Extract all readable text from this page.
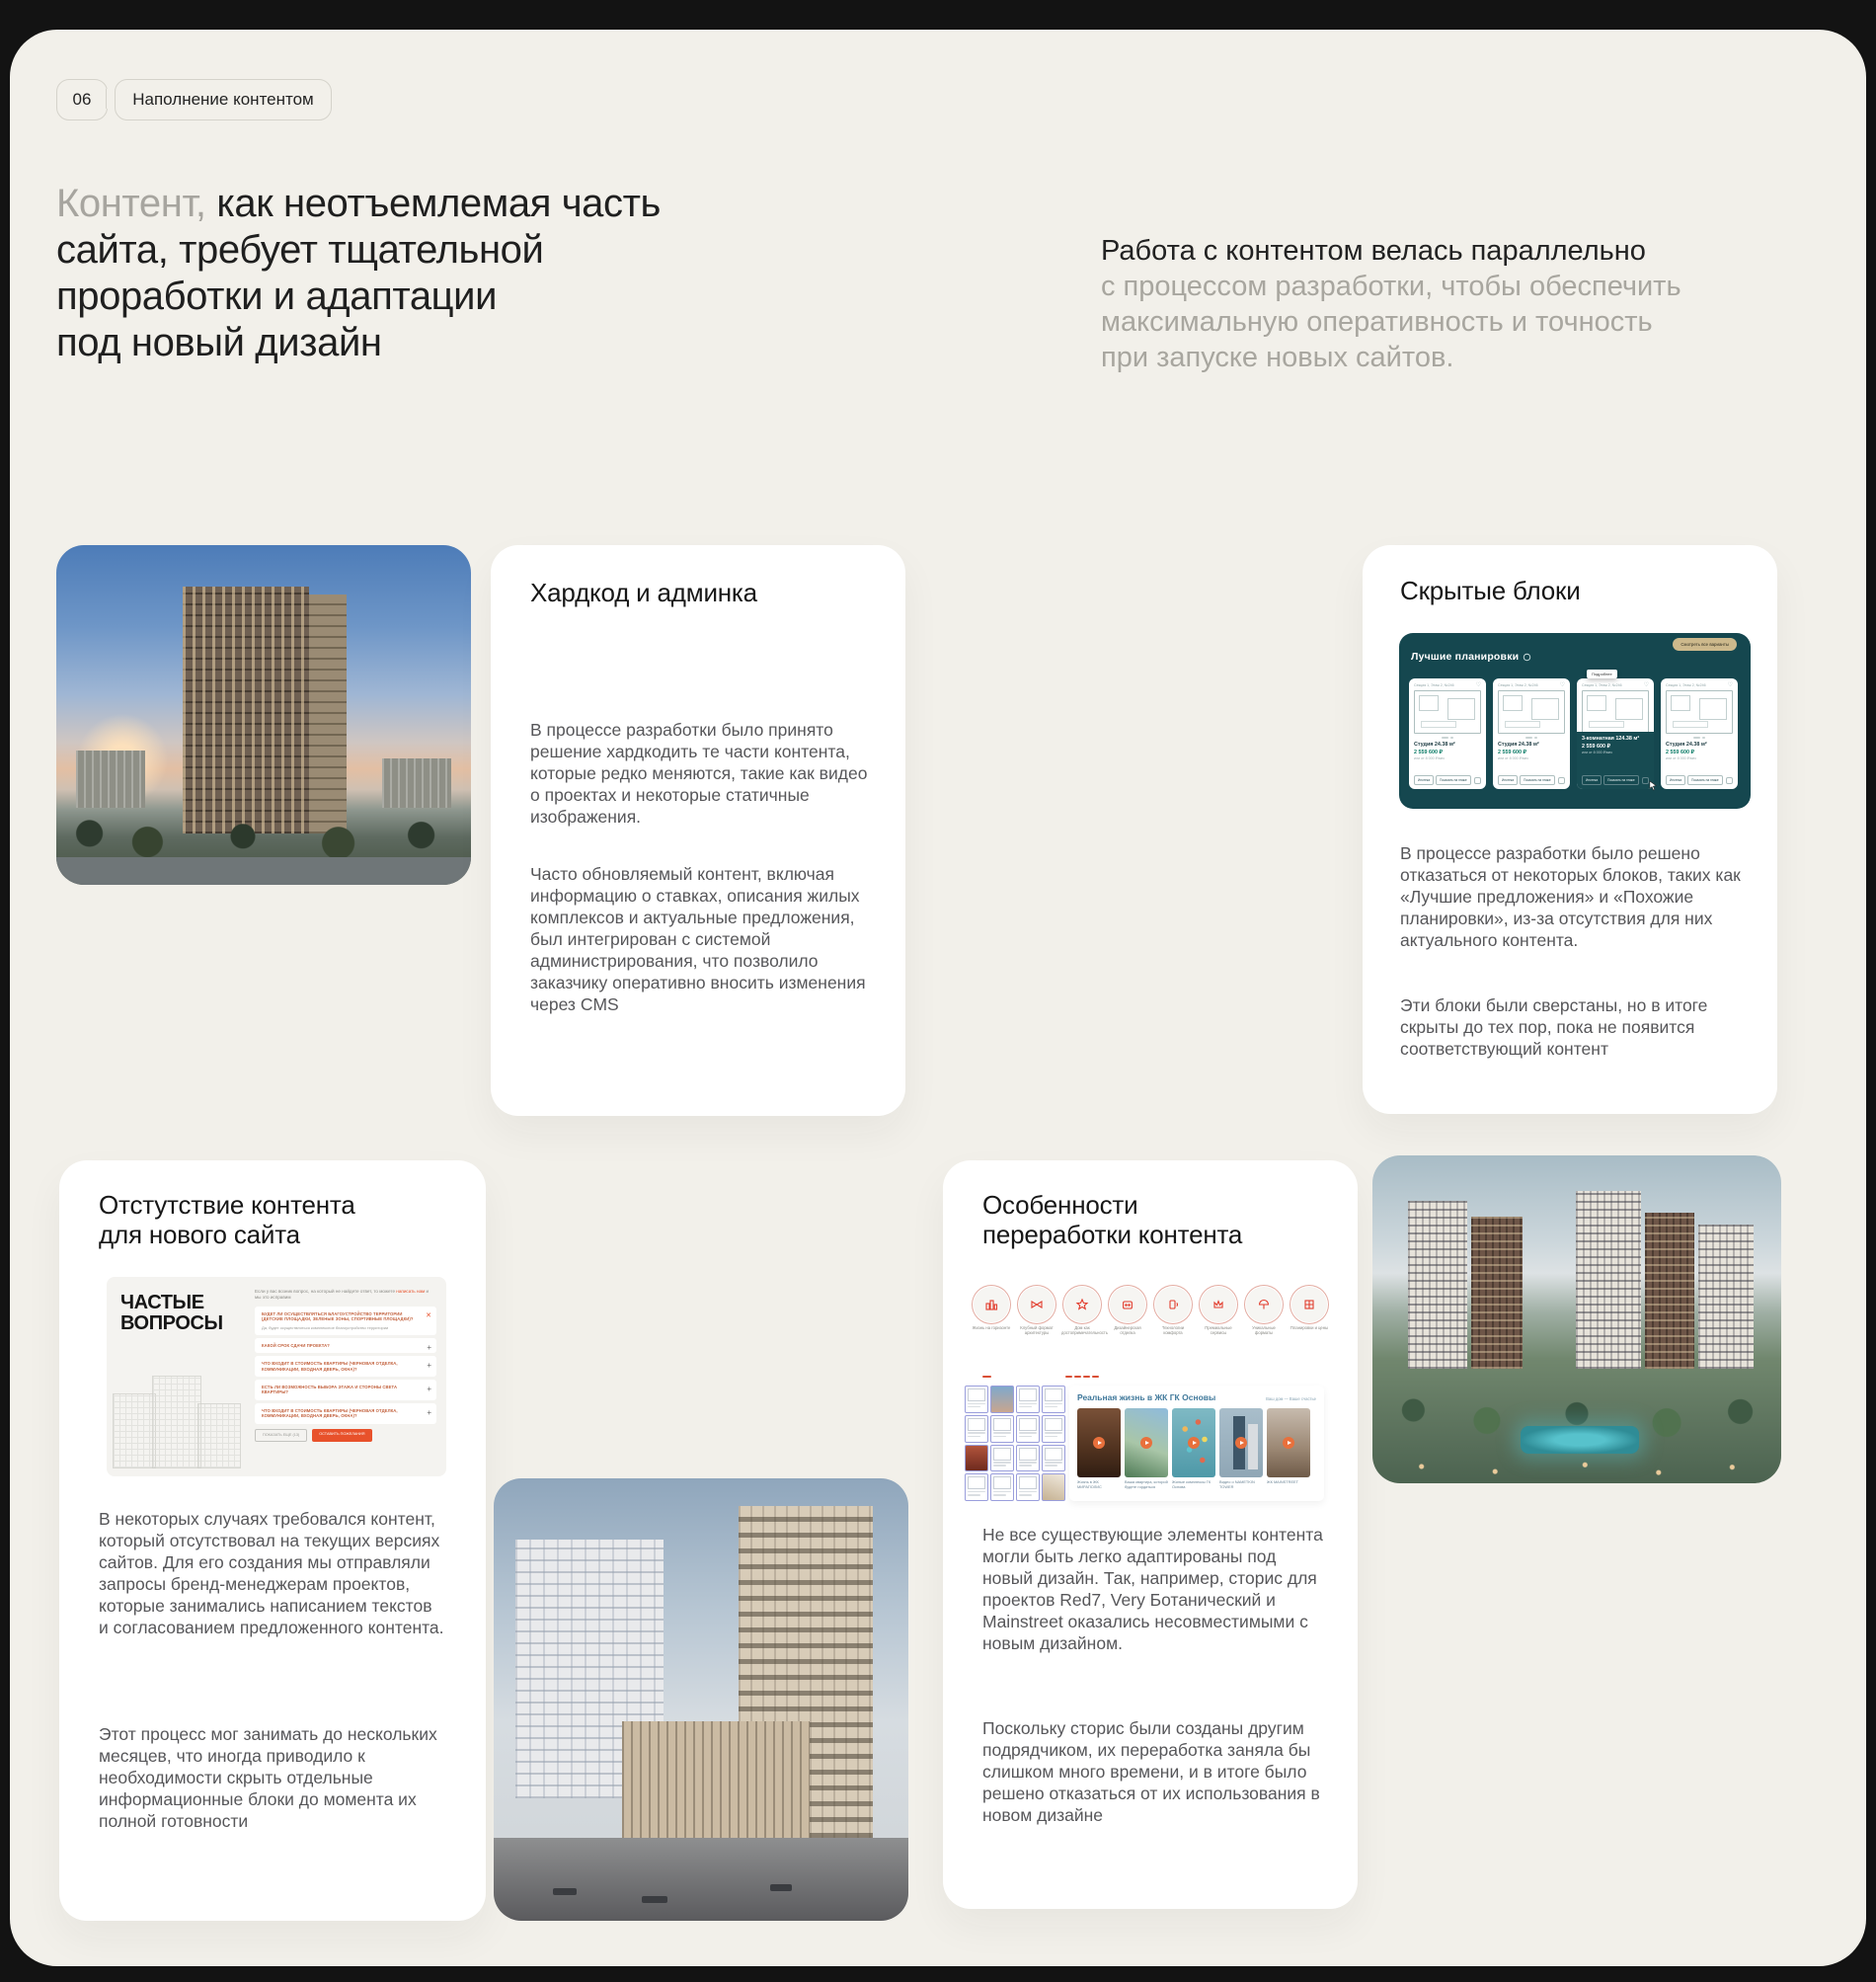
06 Наполнение контентом
Контент, как неотъемлемая часть
сайта, требует тщательной
проработки и адаптации
под новый дизайн
Работа с контентом велась параллельно
с процессом разработки, чтобы обеспечить
максимальную оперативность и точность
при запуске новых сайтов.
Хардкод и админка
В процессе разработки было принято решение хардкодить те части контента, которые редко меняются, такие как видео о проектах и некоторые статичные изображения.
Часто обновляемый контент, включая информацию о ставках, описания жилых комплексов и актуальные предложения, был интегрирован с системой администрирования, что позволило заказчику оперативно вносить изменения через CMS
Скрытые блоки
Лучшие планировки
Смотреть все варианты
Секция 1, Этаж 2, №246	♡
Студия 24.38 м²
2 559 600 ₽
или от 8 000 ₽/мес
Ипотека	Показать на этаже
Секция 1, Этаж 2, №246	♡
Студия 24.38 м²
2 559 600 ₽
или от 8 000 ₽/мес
Ипотека	Показать на этаже
Подробнее
Секция 1, Этаж 2, №246	♡
3-комнатная 124.38 м²
2 559 600 ₽
или от 8 000 ₽/мес
Ипотека	Показать на этаже
Секция 1, Этаж 2, №246	♡
Студия 24.38 м²
2 559 600 ₽
или от 8 000 ₽/мес
Ипотека	Показать на этаже
В процессе разработки было решено отказаться от некоторых блоков, таких как «Лучшие предложения» и «Похожие планировки», из-за отсутствия для них актуального контента.
Эти блоки были сверстаны, но в итоге скрыты до тех пор, пока не появится соответствующий контент
Отстутствие контента
для нового сайта
ЧАСТЫЕ
ВОПРОСЫ
Если у вас возник вопрос, на который не найдете ответ, то можете написать нам и мы это исправим
БУДЕТ ЛИ ОСУЩЕСТВЛЯТЬСЯ БЛАГОУСТРОЙСТВО ТЕРРИТОРИИ (ДЕТСКИЕ ПЛОЩАДКИ, ЗЕЛЕНЫЕ ЗОНЫ, СПОРТИВНЫЕ ПЛОЩАДКИ)?
Да, будет осуществляться комплексное благоустройство территории
✕
КАКОЙ СРОК СДАЧИ ПРОЕКТА?	+
ЧТО ВХОДИТ В СТОИМОСТЬ КВАРТИРЫ (ЧЕРНОВАЯ ОТДЕЛКА, КОММУНИКАЦИИ, ВХОДНАЯ ДВЕРЬ, ОКНА)?	+
ЕСТЬ ЛИ ВОЗМОЖНОСТЬ ВЫБОРА ЭТАЖА И СТОРОНЫ СВЕТА КВАРТИРЫ?	+
ЧТО ВХОДИТ В СТОИМОСТЬ КВАРТИРЫ (ЧЕРНОВАЯ ОТДЕЛКА, КОММУНИКАЦИИ, ВХОДНАЯ ДВЕРЬ, ОКНА)?	+
ПОКАЗАТЬ ЕЩЕ (13)	ОСТАВИТЬ ПОЖЕЛАНИЯ
В некоторых случаях требовался контент, который отсутствовал на текущих версиях сайтов. Для его создания мы отправляли запросы бренд-менеджерам проектов, которые занимались написанием текстов и согласованием предложенного контента.
Этот процесс мог занимать до нескольких месяцев, что иногда приводило к необходимости скрыть отдельные информационные блоки до момента их полной готовности
Особенности
переработки контента
Жизнь на горизонте	Клубный формат архитектуры
Дом как достопримечательность
Дизайнерская отделка
Технологии комфорта
Премиальные сервисы
Уникальные форматы
Планировки и цены
Реальная жизнь в ЖК ГК Основы	Ваш дом — Ваше счастье
Жизнь в ЖК МИРАПОЛИС
Ваша квартира, которой будете гордиться
Жилые комплексы ГК Основа
Видео о NAMETKIN TOWER
ЖК MAINSTREET
Не все существующие элементы контента могли быть легко адаптированы под новый дизайн. Так, например, сторис для проектов Red7, Very Ботанический и Mainstreet оказались несовместимыми с новым дизайном.
Поскольку сторис были созданы другим подрядчиком, их переработка заняла бы слишком много времени, и в итоге было решено отказаться от их использования в новом дизайне
